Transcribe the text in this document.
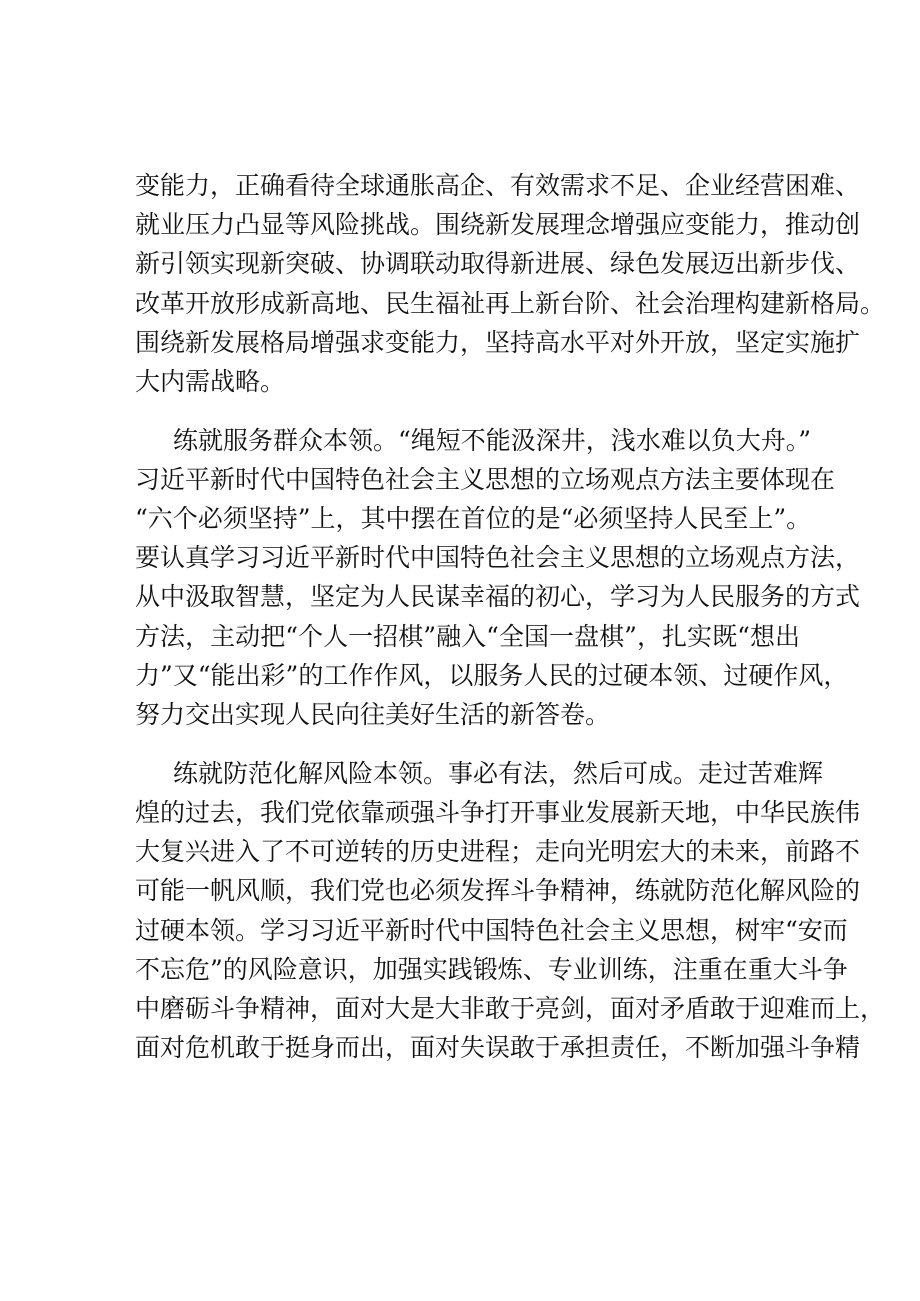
变能力，正确看待全球通胀高企、有效需求不足、企业经营困难、
就业压力凸显等风险挑战。围绕新发展理念增强应变能力，推动创
新引领实现新突破、协调联动取得新进展、绿色发展迈出新步伐、
改革开放形成新高地、民生福祉再上新台阶、社会治理构建新格局。
围绕新发展格局增强求变能力，坚持高水平对外开放，坚定实施扩
大内需战略。
练就服务群众本领。“绳短不能汲深井，浅水难以负大舟。”
习近平新时代中国特色社会主义思想的立场观点方法主要体现在
“六个必须坚持”上，其中摆在首位的是“必须坚持人民至上”。
要认真学习习近平新时代中国特色社会主义思想的立场观点方法，
从中汲取智慧，坚定为人民谋幸福的初心，学习为人民服务的方式
方法，主动把“个人一招棋”融入“全国一盘棋”，扎实既“想出
力”又“能出彩”的工作作风，以服务人民的过硬本领、过硬作风，
努力交出实现人民向往美好生活的新答卷。
练就防范化解风险本领。事必有法，然后可成。走过苦难辉
煌的过去，我们党依靠顽强斗争打开事业发展新天地，中华民族伟
大复兴进入了不可逆转的历史进程；走向光明宏大的未来，前路不
可能一帆风顺，我们党也必须发挥斗争精神，练就防范化解风险的
过硬本领。学习习近平新时代中国特色社会主义思想，树牢“安而
不忘危”的风险意识，加强实践锻炼、专业训练，注重在重大斗争
中磨砺斗争精神，面对大是大非敢于亮剑，面对矛盾敢于迎难而上，
面对危机敢于挺身而出，面对失误敢于承担责任，不断加强斗争精
